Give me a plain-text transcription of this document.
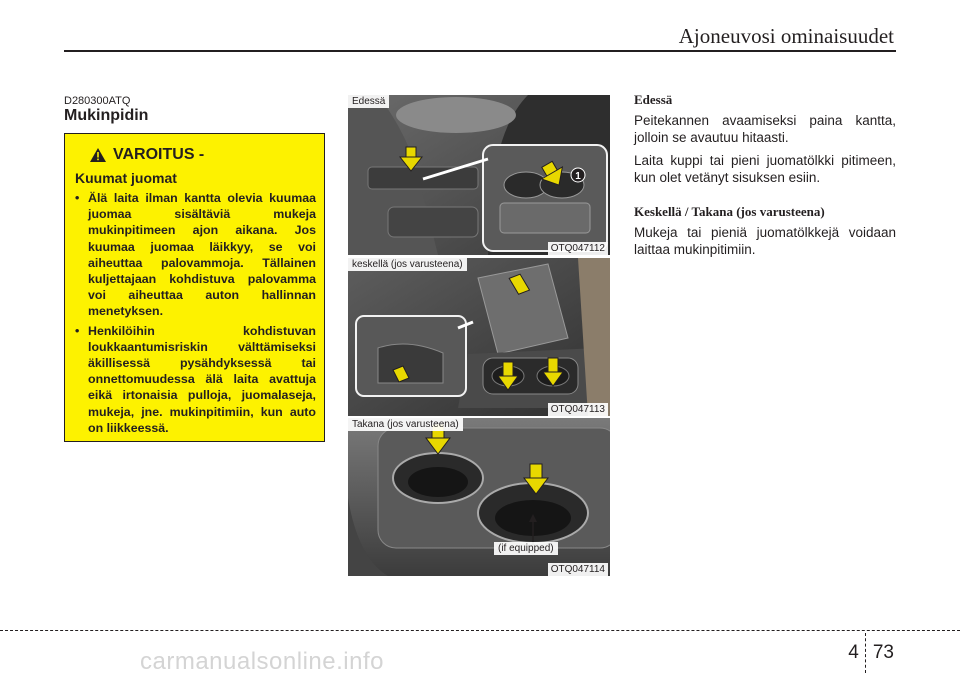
Ajoneuvosi ominaisuudet
D280300ATQ
Mukinpidin
VAROITUS -
Kuumat juomat
• Älä laita ilman kantta olevia kuumaa juomaa sisältäviä mukeja mukinpitimeen ajon aikana. Jos kuumaa juomaa läikkyy, se voi aiheuttaa palovammoja. Tällainen kuljettajaan kohdistuva palovamma voi aiheuttaa auton hallinnan menetyksen.
• Henkilöihin kohdistuvan loukkaantumisriskin välttämiseksi äkillisessä pysähdyksessä tai onnettomuudessa älä laita avattuja eikä irtonaisia pulloja, juomalaseja, mukeja, jne. mukinpitimiin, kun auto on liikkeessä.
1
Edessä
OTQ047112
keskellä (jos varusteena)
OTQ047113
Takana (jos varusteena)
(if equipped)
OTQ047114
Edessä

Peitekannen avaamiseksi paina kantta, jolloin se avautuu hitaasti.

Laita kuppi tai pieni juomatölkki pitimeen, kun olet vetänyt sisuksen esiin.

Keskellä / Takana (jos varusteena)

Mukeja tai pieniä juomatölkkejä voidaan laittaa mukinpitimiin.

4 73
carmanualsonline.info
